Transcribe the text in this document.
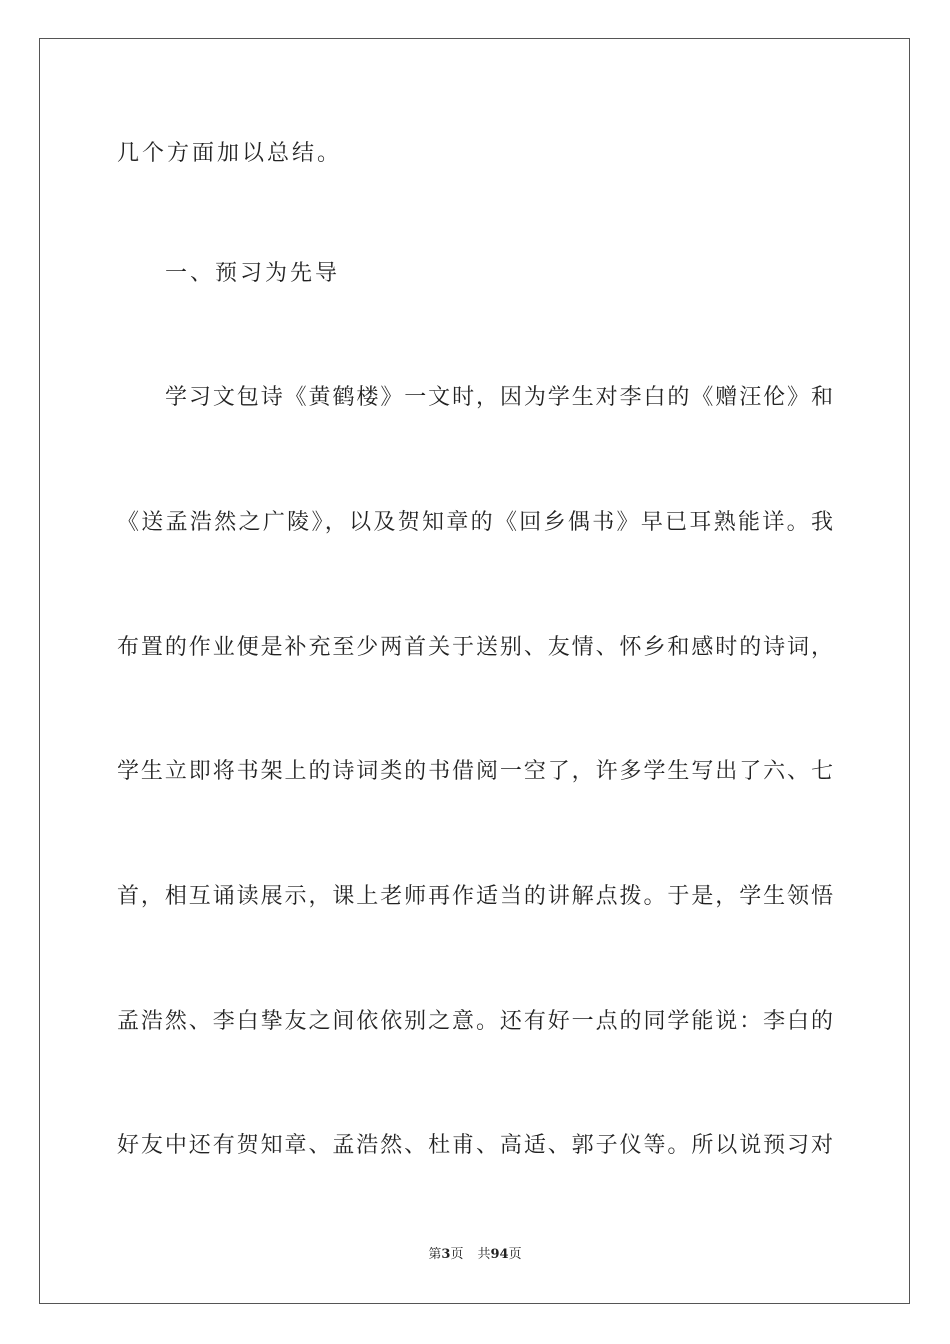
几个方面加以总结。
一、预习为先导
学习文包诗《黄鹤楼》一文时，因为学生对李白的《赠汪伦》和
《送孟浩然之广陵》，以及贺知章的《回乡偶书》早已耳熟能详。我
布置的作业便是补充至少两首关于送别、友情、怀乡和感时的诗词，
学生立即将书架上的诗词类的书借阅一空了，许多学生写出了六、七
首，相互诵读展示，课上老师再作适当的讲解点拨。于是，学生领悟
孟浩然、李白挚友之间依依别之意。还有好一点的同学能说：李白的
好友中还有贺知章、孟浩然、杜甫、高适、郭子仪等。所以说预习对
第3页 共94页
